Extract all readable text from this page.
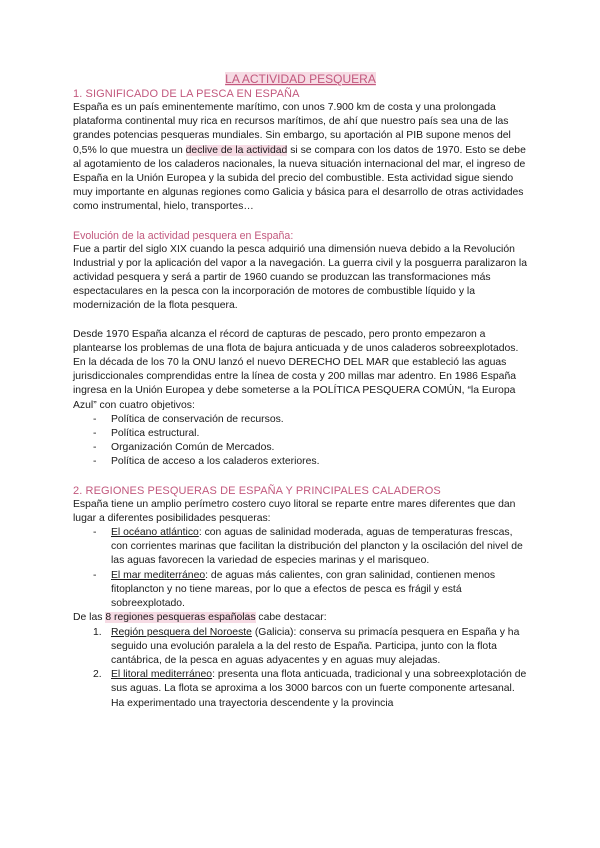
LA ACTIVIDAD PESQUERA

1. SIGNIFICADO DE LA PESCA EN ESPAÑA

España es un país eminentemente marítimo, con unos 7.900 km de costa y una prolongada plataforma continental muy rica en recursos marítimos, de ahí que nuestro país sea una de las grandes potencias pesqueras mundiales. Sin embargo, su aportación al PIB supone menos del 0,5% lo que muestra un declive de la actividad si se compara con los datos de 1970. Esto se debe al agotamiento de los caladeros nacionales, la nueva situación internacional del mar, el ingreso de España en la Unión Europea y la subida del precio del combustible. Esta actividad sigue siendo muy importante en algunas regiones como Galicia y básica para el desarrollo de otras actividades como instrumental, hielo, transportes…

Evolución de la actividad pesquera en España:

Fue a partir del siglo XIX cuando la pesca adquirió una dimensión nueva debido a la Revolución Industrial y por la aplicación del vapor a la navegación. La guerra civil y la posguerra paralizaron la actividad pesquera y será a partir de 1960 cuando se produzcan las transformaciones más espectaculares en la pesca con la incorporación de motores de combustible líquido y la modernización de la flota pesquera.

Desde 1970 España alcanza el récord de capturas de pescado, pero pronto empezaron a plantearse los problemas de una flota de bajura anticuada y de unos caladeros sobreexplotados. En la década de los 70 la ONU lanzó el nuevo DERECHO DEL MAR que estableció las aguas jurisdiccionales comprendidas entre la línea de costa y 200 millas mar adentro. En 1986 España ingresa en la Unión Europea y debe someterse a la POLÍTICA PESQUERA COMÚN, “la Europa Azul” con cuatro objetivos:

- Política de conservación de recursos.
- Política estructural.
- Organización Común de Mercados.
- Política de acceso a los caladeros exteriores.

2. REGIONES PESQUERAS DE ESPAÑA Y PRINCIPALES CALADEROS

España tiene un amplio perímetro costero cuyo litoral se reparte entre mares diferentes que dan lugar a diferentes posibilidades pesqueras:

- El océano atlántico: con aguas de salinidad moderada, aguas de temperaturas frescas, con corrientes marinas que facilitan la distribución del plancton y la oscilación del nivel de las aguas favorecen la variedad de especies marinas y el marisqueo.
- El mar mediterráneo: de aguas más calientes, con gran salinidad, contienen menos fitoplancton y no tiene mareas, por lo que a efectos de pesca es frágil y está sobreexplotado.

De las 8 regiones pesqueras españolas cabe destacar:

1. Región pesquera del Noroeste (Galicia): conserva su primacía pesquera en España y ha seguido una evolución paralela a la del resto de España. Participa, junto con la flota cantábrica, de la pesca en aguas adyacentes y en aguas muy alejadas.
2. El litoral mediterráneo: presenta una flota anticuada, tradicional y una sobreexplotación de sus aguas. La flota se aproxima a los 3000 barcos con un fuerte componente artesanal. Ha experimentado una trayectoria descendente y la provincia
